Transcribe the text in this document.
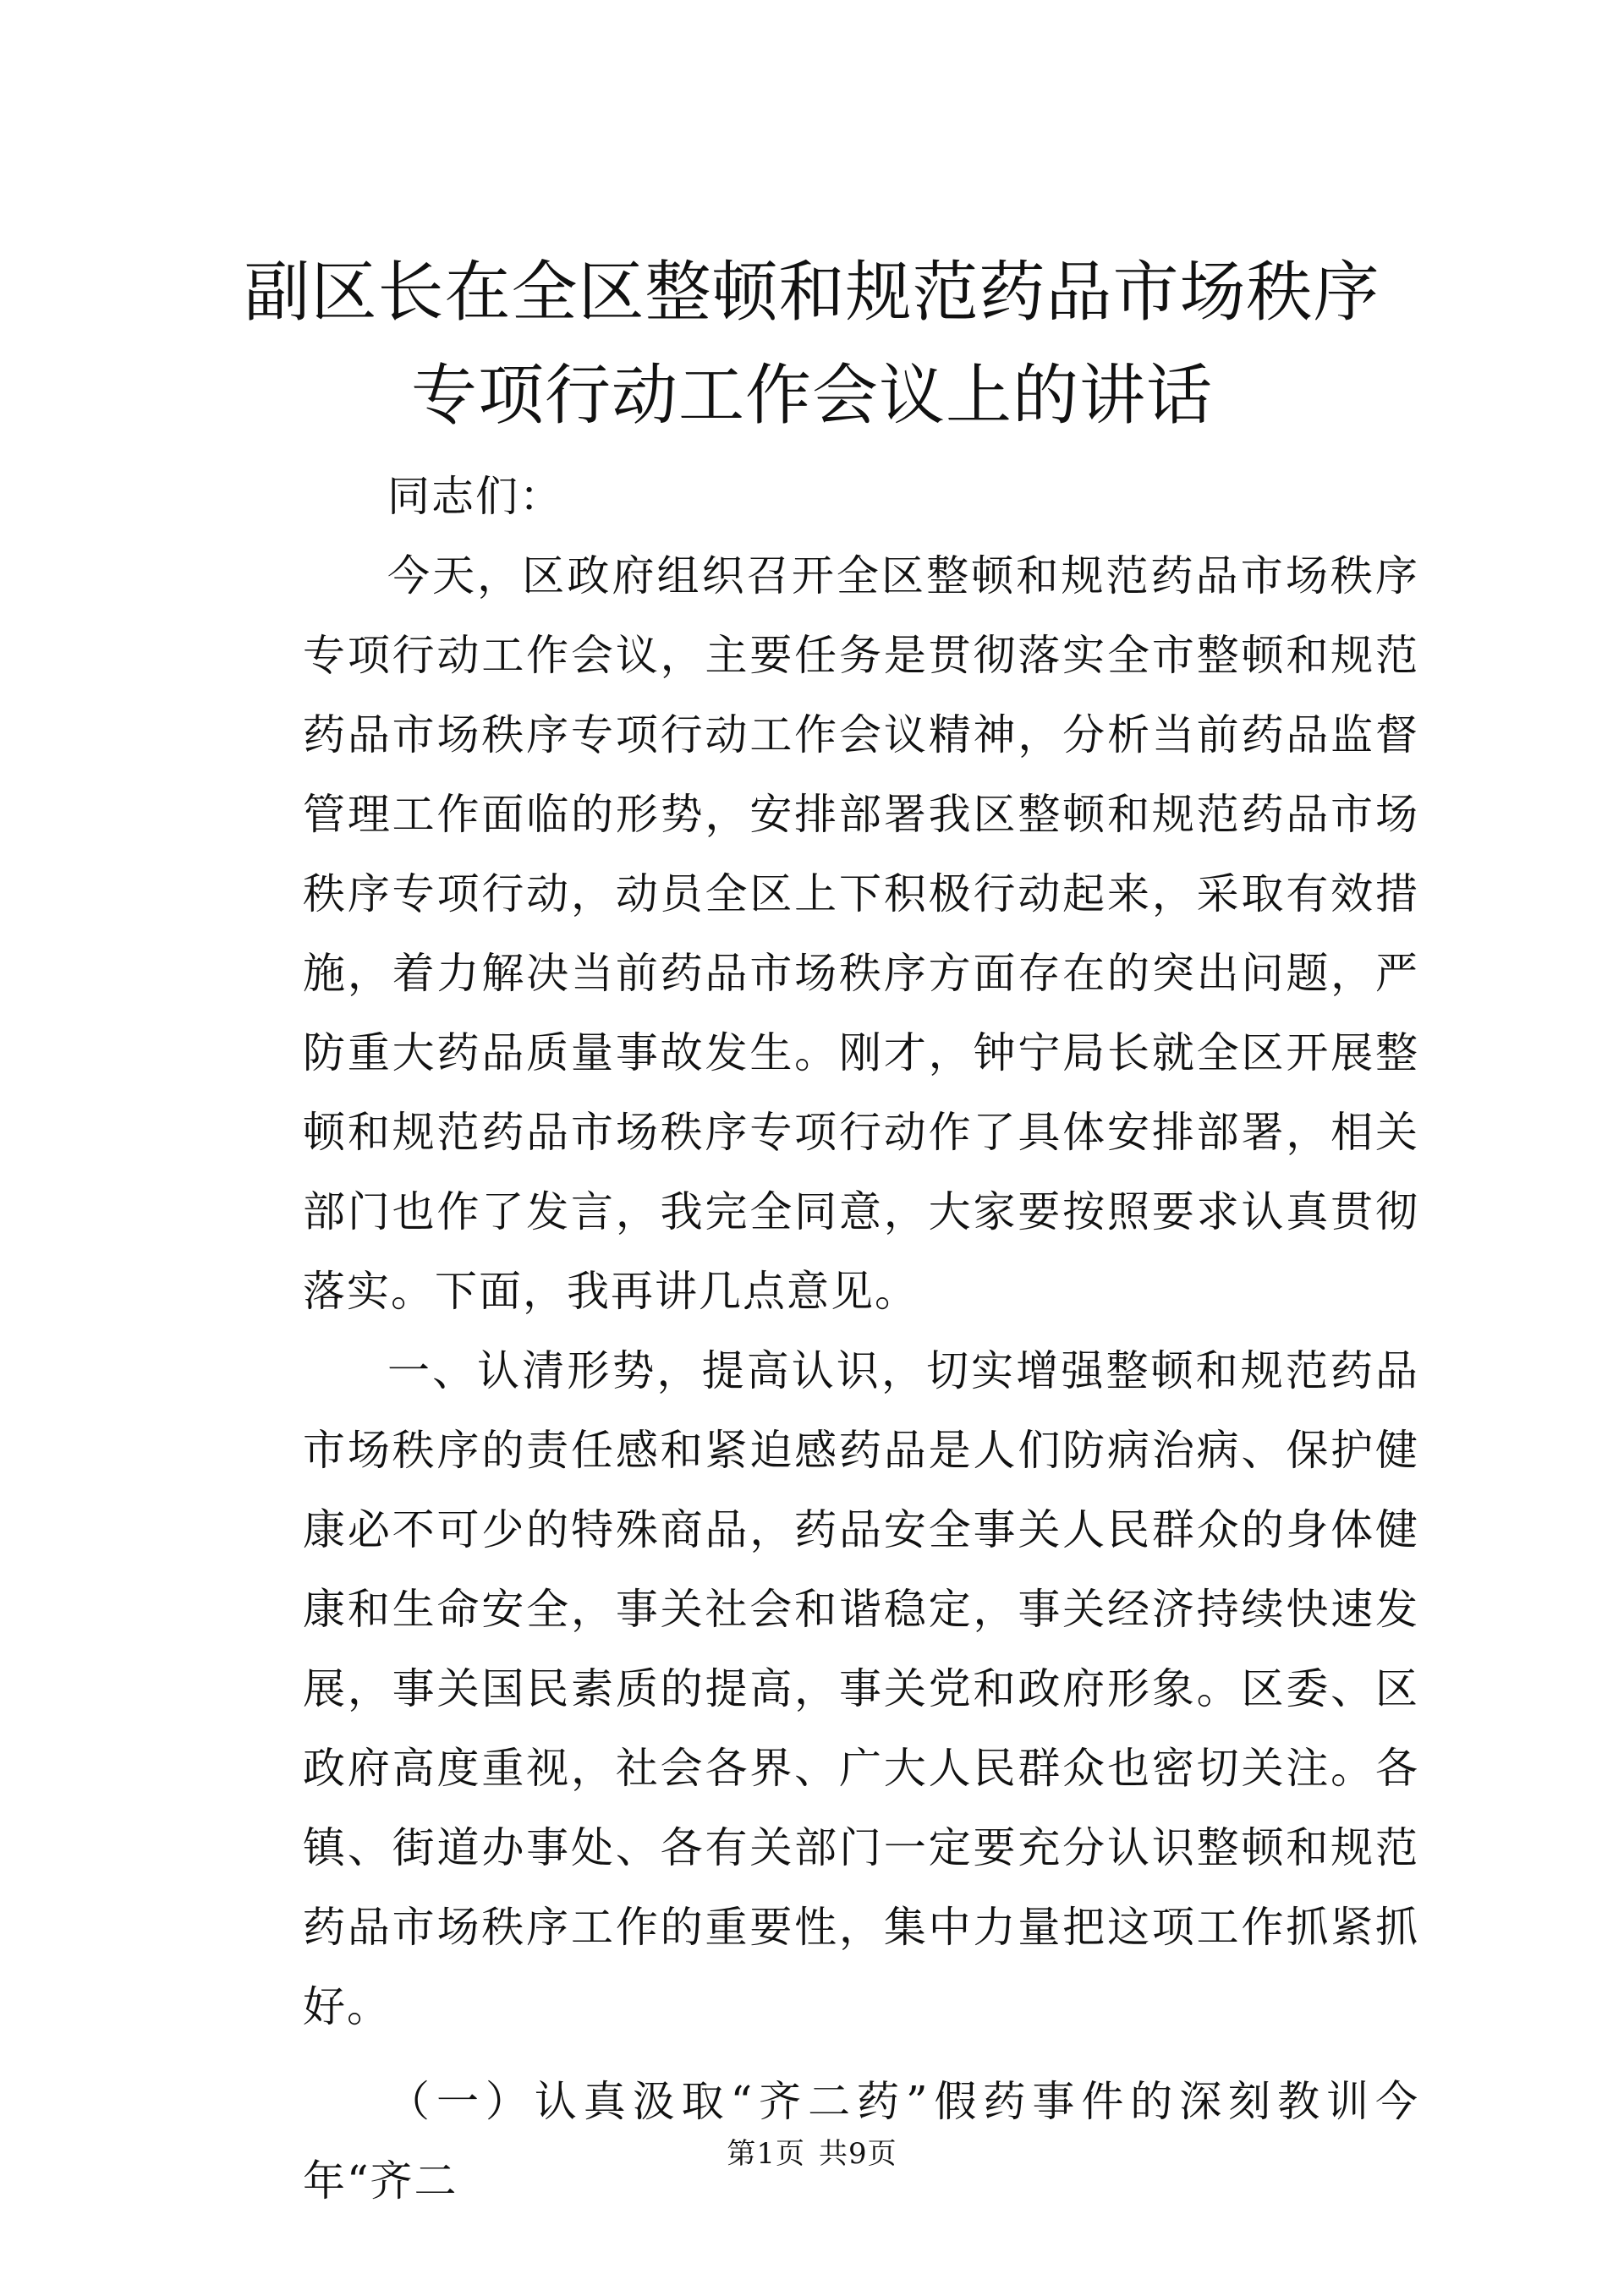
副区长在全区整顿和规范药品市场秩序专项行动工作会议上的讲话

同志们：

今天，区政府组织召开全区整顿和规范药品市场秩序专项行动工作会议，主要任务是贯彻落实全市整顿和规范药品市场秩序专项行动工作会议精神，分析当前药品监督管理工作面临的形势，安排部署我区整顿和规范药品市场秩序专项行动，动员全区上下积极行动起来，采取有效措施，着力解决当前药品市场秩序方面存在的突出问题，严防重大药品质量事故发生。刚才，钟宁局长就全区开展整顿和规范药品市场秩序专项行动作了具体安排部署，相关部门也作了发言，我完全同意，大家要按照要求认真贯彻落实。下面，我再讲几点意见。

一、认清形势，提高认识，切实增强整顿和规范药品市场秩序的责任感和紧迫感药品是人们防病治病、保护健康必不可少的特殊商品，药品安全事关人民群众的身体健康和生命安全，事关社会和谐稳定，事关经济持续快速发展，事关国民素质的提高，事关党和政府形象。区委、区政府高度重视，社会各界、广大人民群众也密切关注。各镇、街道办事处、各有关部门一定要充分认识整顿和规范药品市场秩序工作的重要性，集中力量把这项工作抓紧抓好。

（一）认真汲取“齐二药”假药事件的深刻教训今年“齐二

第1页 共9页
